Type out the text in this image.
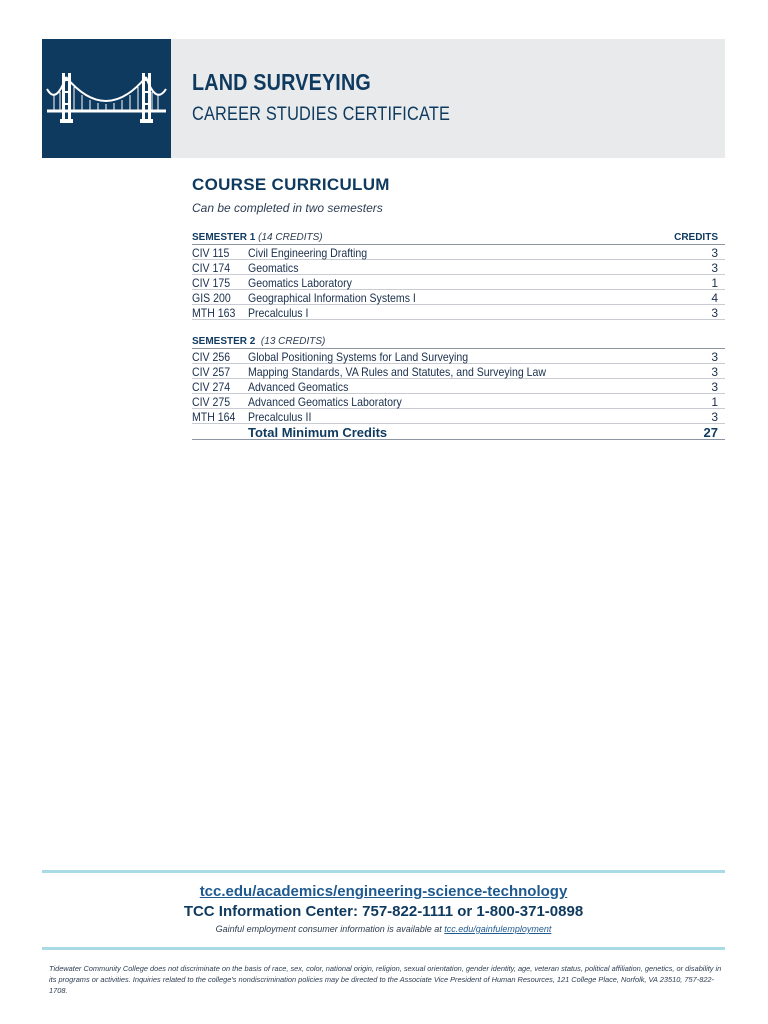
LAND SURVEYING
CAREER STUDIES CERTIFICATE
COURSE CURRICULUM
Can be completed in two semesters
SEMESTER 1 (14 CREDITS)	CREDITS
CIV 115 Civil Engineering Drafting	3
CIV 174 Geomatics	3
CIV 175 Geomatics Laboratory	1
GIS 200 Geographical Information Systems I	4
MTH 163 Precalculus I	3
SEMESTER 2 (13 CREDITS)
CIV 256 Global Positioning Systems for Land Surveying	3
CIV 257 Mapping Standards, VA Rules and Statutes, and Surveying Law	3
CIV 274 Advanced Geomatics	3
CIV 275 Advanced Geomatics Laboratory	1
MTH 164 Precalculus II	3
Total Minimum Credits	27
tcc.edu/academics/engineering-science-technology
TCC Information Center: 757-822-1111 or 1-800-371-0898
Gainful employment consumer information is available at tcc.edu/gainfulemployment
Tidewater Community College does not discriminate on the basis of race, sex, color, national origin, religion, sexual orientation, gender identity, age, veteran status, political affiliation, genetics, or disability in its programs or activities. Inquiries related to the college's nondiscrimination policies may be directed to the Associate Vice President of Human Resources, 121 College Place, Norfolk, VA 23510, 757-822-1708.
